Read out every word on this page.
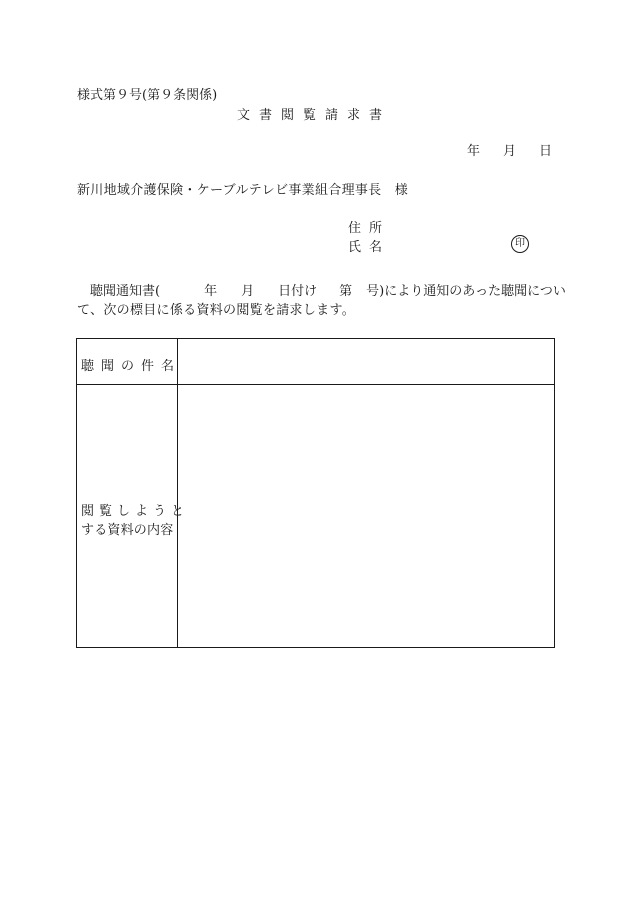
様式第９号(第９条関係)
文書閲覧請求書
年 月 日
新川地域介護保険・ケーブルテレビ事業組合理事長　様
住所
氏名	印
聴聞通知書(	年 月 日付け 第 号)により通知のあった聴聞につい
て、次の標目に係る資料の閲覧を請求します。
聴聞の件名
閲覧しようと
する資料の内容
